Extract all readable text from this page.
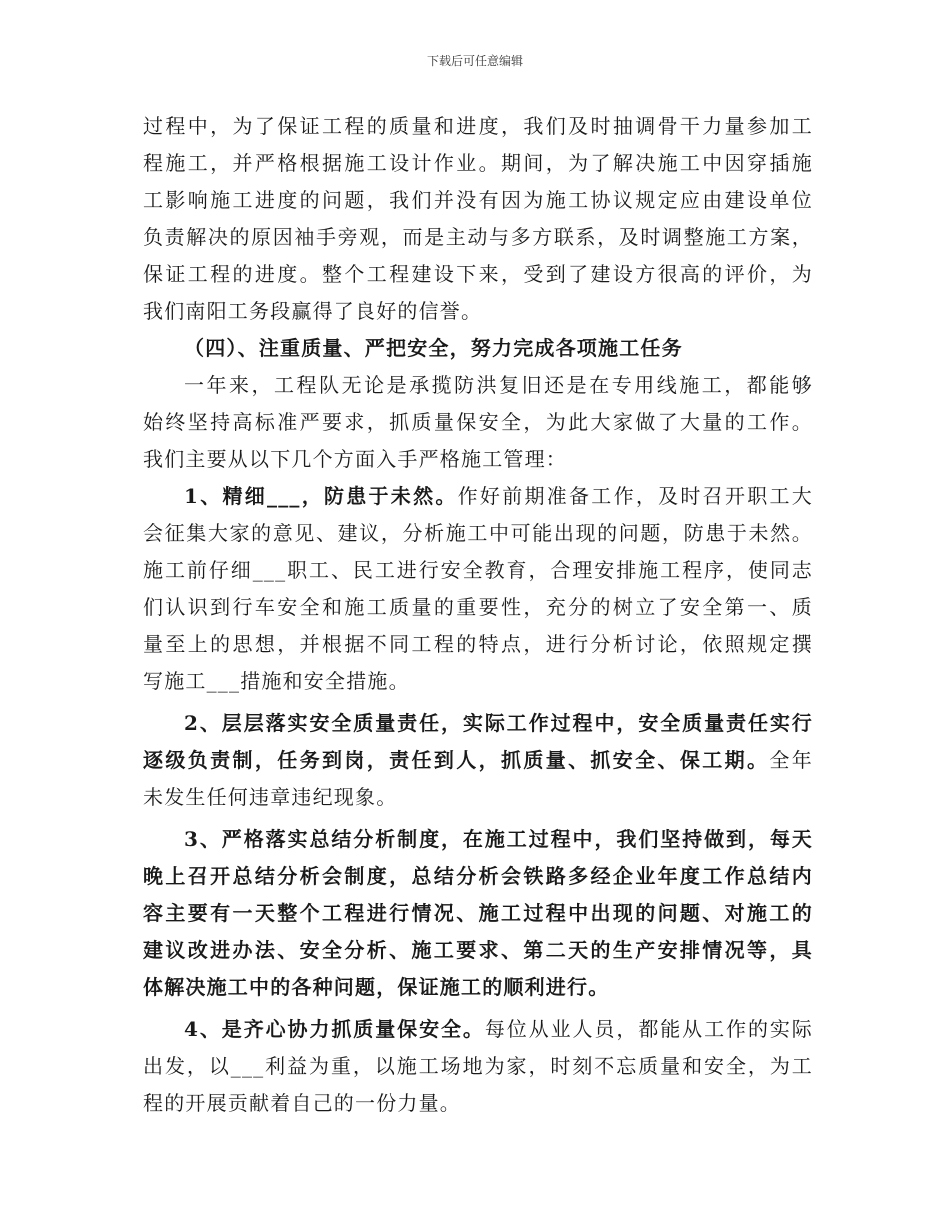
下载后可任意编辑
过程中，为了保证工程的质量和进度，我们及时抽调骨干力量参加工
程施工，并严格根据施工设计作业。期间，为了解决施工中因穿插施
工影响施工进度的问题，我们并没有因为施工协议规定应由建设单位
负责解决的原因袖手旁观，而是主动与多方联系，及时调整施工方案，
保证工程的进度。整个工程建设下来，受到了建设方很高的评价，为
我们南阳工务段赢得了良好的信誉。
（四）、注重质量、严把安全，努力完成各项施工任务
一年来，工程队无论是承揽防洪复旧还是在专用线施工，都能够
始终坚持高标准严要求，抓质量保安全，为此大家做了大量的工作。
我们主要从以下几个方面入手严格施工管理：
1、精细___，防患于未然。作好前期准备工作，及时召开职工大
会征集大家的意见、建议，分析施工中可能出现的问题，防患于未然。
施工前仔细___职工、民工进行安全教育，合理安排施工程序，使同志
们认识到行车安全和施工质量的重要性，充分的树立了安全第一、质
量至上的思想，并根据不同工程的特点，进行分析讨论，依照规定撰
写施工___措施和安全措施。
2、层层落实安全质量责任，实际工作过程中，安全质量责任实行
逐级负责制，任务到岗，责任到人，抓质量、抓安全、保工期。全年
未发生任何违章违纪现象。
3、严格落实总结分析制度，在施工过程中，我们坚持做到，每天
晚上召开总结分析会制度，总结分析会铁路多经企业年度工作总结内
容主要有一天整个工程进行情况、施工过程中出现的问题、对施工的
建议改进办法、安全分析、施工要求、第二天的生产安排情况等，具
体解决施工中的各种问题，保证施工的顺利进行。
4、是齐心协力抓质量保安全。每位从业人员，都能从工作的实际
出发，以___利益为重，以施工场地为家，时刻不忘质量和安全，为工
程的开展贡献着自己的一份力量。
